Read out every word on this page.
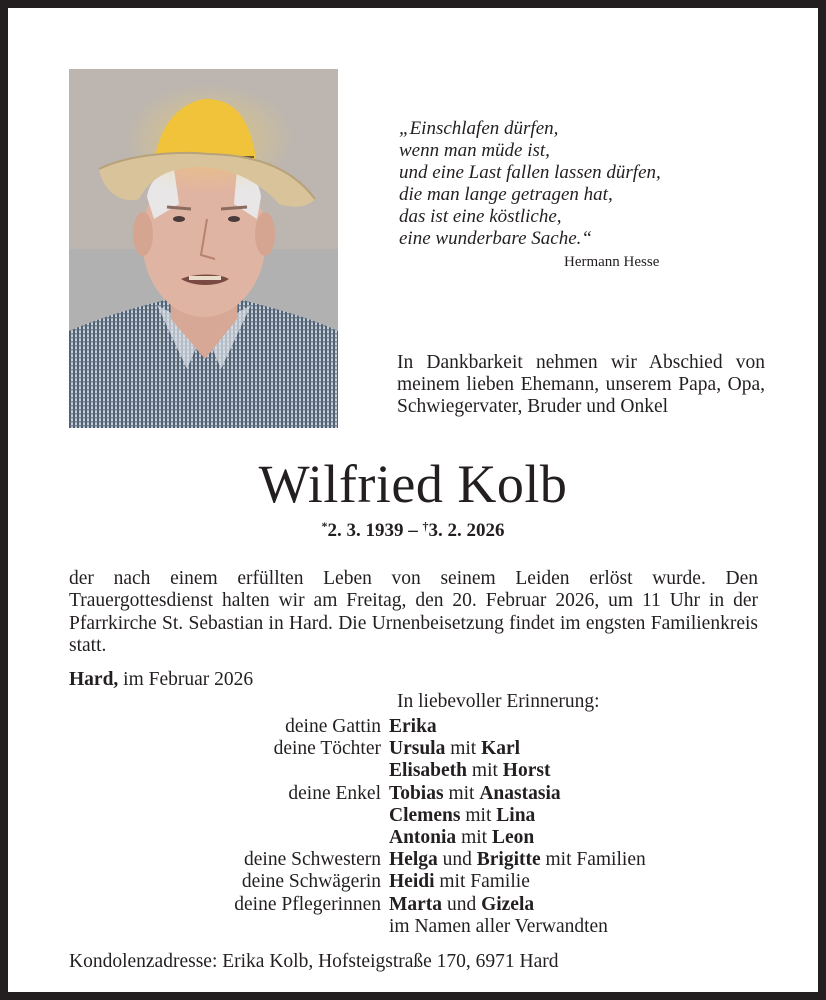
„Einschlafen dürfen,
wenn man müde ist,
und eine Last fallen lassen dürfen,
die man lange getragen hat,
das ist eine köstliche,
eine wunderbare Sache.“
Hermann Hesse
In Dankbarkeit nehmen wir Abschied von meinem lieben Ehemann, unserem Papa, Opa, Schwiegervater, Bruder und Onkel
Wilfried Kolb
*2. 3. 1939 – †3. 2. 2026
der nach einem erfüllten Leben von seinem Leiden erlöst wurde. Den Trauergottesdienst halten wir am Freitag, den 20. Februar 2026, um 11 Uhr in der Pfarrkirche St. Sebastian in Hard. Die Urnenbeisetzung findet im engsten Familienkreis statt.
Hard, im Februar 2026
In liebevoller Erinnerung:
deine Gattin Erika
deine Töchter Ursula mit Karl
Elisabeth mit Horst
deine Enkel Tobias mit Anastasia
Clemens mit Lina
Antonia mit Leon
deine Schwestern Helga und Brigitte mit Familien
deine Schwägerin Heidi mit Familie
deine Pflegerinnen Marta und Gizela
im Namen aller Verwandten
Kondolenzadresse: Erika Kolb, Hofsteigstraße 170, 6971 Hard
